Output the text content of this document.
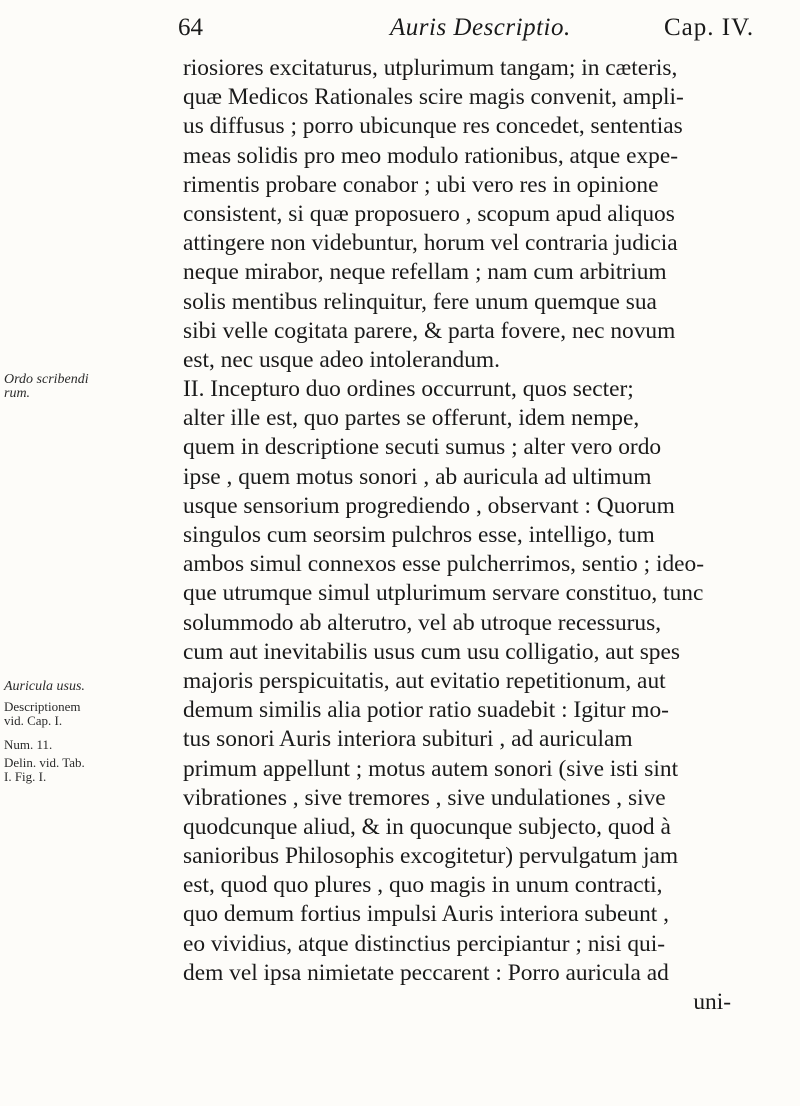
64	Auris Descriptio.	Cap. IV.
riosiores excitaturus, utplurimum tangam; in cæteris,
quæ Medicos Rationales scire magis convenit, ampli-
us diffusus ; porro ubicunque res concedet, sententias
meas solidis pro meo modulo rationibus, atque expe-
rimentis probare conabor ; ubi vero res in opinione
consistent, si quæ proposuero , scopum apud aliquos
attingere non videbuntur, horum vel contraria judicia
neque mirabor, neque refellam ; nam cum arbitrium
solis mentibus relinquitur, fere unum quemque sua
sibi velle cogitata parere, & parta fovere, nec novum
est, nec usque adeo intolerandum.
II. Incepturo duo ordines occurrunt, quos secter;
alter ille est, quo partes se offerunt, idem nempe,
quem in descriptione secuti sumus ; alter vero ordo
ipse , quem motus sonori , ab auricula ad ultimum
usque sensorium progrediendo , observant : Quorum
singulos cum seorsim pulchros esse, intelligo, tum
ambos simul connexos esse pulcherrimos, sentio ; ideo-
que utrumque simul utplurimum servare constituo, tunc
solummodo ab alterutro, vel ab utroque recessurus,
cum aut inevitabilis usus cum usu colligatio, aut spes
majoris perspicuitatis, aut evitatio repetitionum, aut
demum similis alia potior ratio suadebit : Igitur mo-
tus sonori Auris interiora subituri , ad auriculam
primum appellunt ; motus autem sonori (sive isti sint
vibrationes , sive tremores , sive undulationes , sive
quodcunque aliud, & in quocunque subjecto, quod à
sanioribus Philosophis excogitetur) pervulgatum jam
est, quod quo plures , quo magis in unum contracti,
quo demum fortius impulsi Auris interiora subeunt ,
eo vividius, atque distinctius percipiantur ; nisi qui-
dem vel ipsa nimietate peccarent : Porro auricula ad
uni-
Ordo scribendi
rum.
Auricula usus.
Descriptionem
vid. Cap. I.
Num. 11.
Delin. vid. Tab.
I. Fig. I.
